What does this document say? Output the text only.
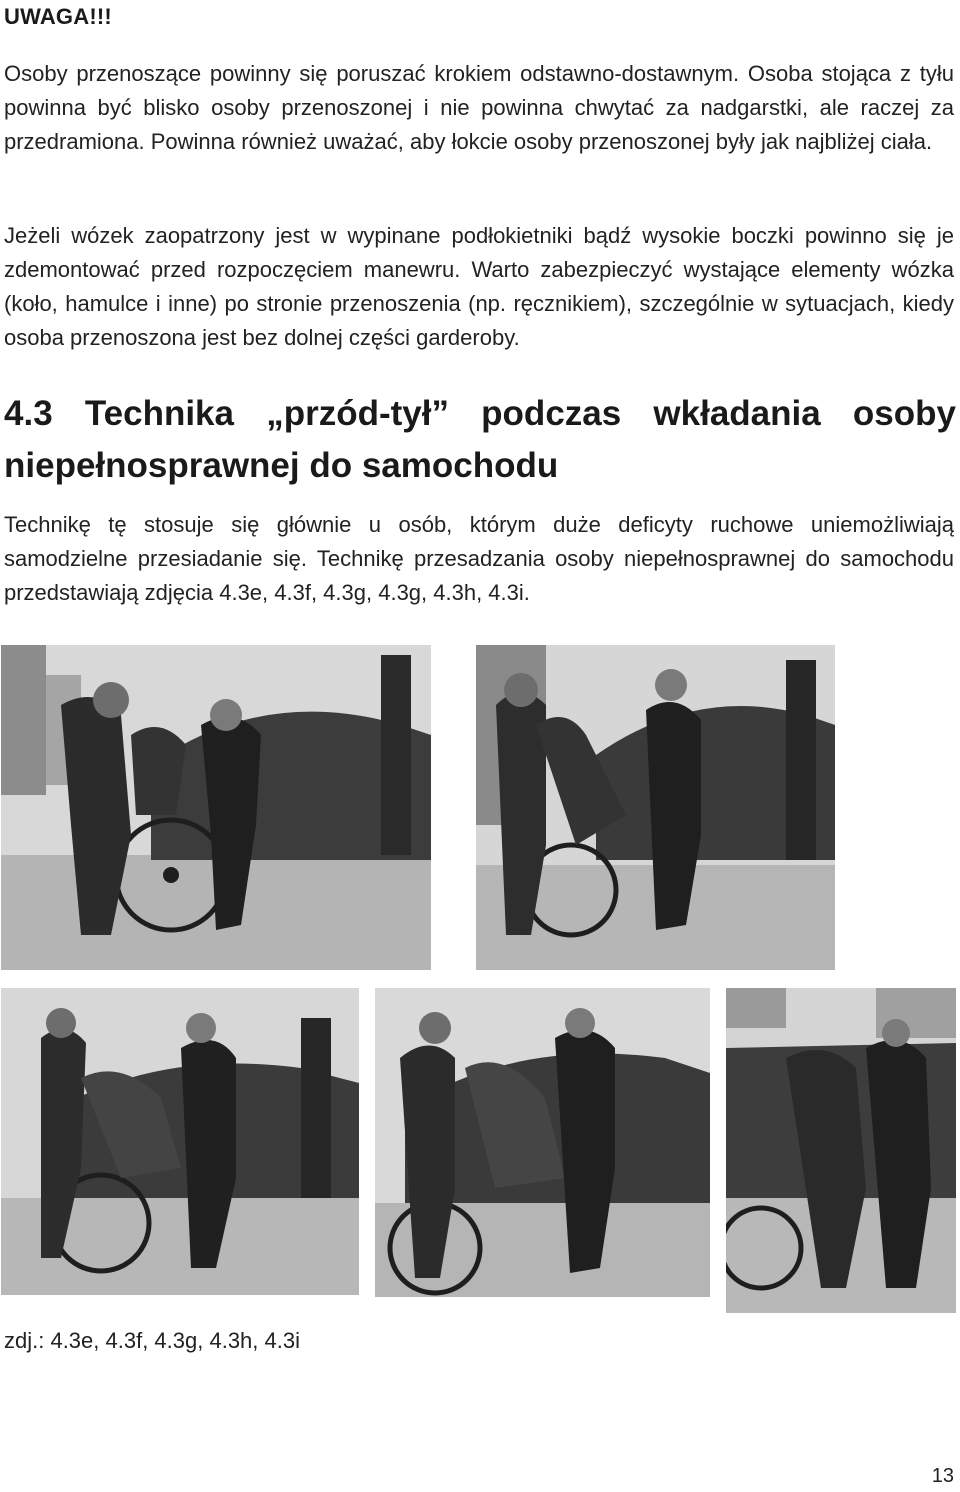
UWAGA!!!

Osoby przenoszące powinny się poruszać krokiem odstawno-dostawnym. Osoba stojąca z tyłu powinna być blisko osoby przenoszonej i nie powinna chwytać za nadgarstki, ale raczej za przedramiona. Powinna również uważać, aby łokcie osoby przenoszonej były jak najbliżej ciała.

Jeżeli wózek zaopatrzony jest w wypinane podłokietniki bądź wysokie boczki powinno się je zdemontować przed rozpoczęciem manewru. Warto zabezpieczyć wystające elementy wózka (koło, hamulce i inne) po stronie przenoszenia (np. ręcznikiem), szczególnie w sytuacjach, kiedy osoba przenoszona jest bez dolnej części garderoby.

4.3 Technika „przód-tył” podczas wkładania osoby niepełnosprawnej do samochodu

Technikę tę stosuje się głównie u osób, którym duże deficyty ruchowe uniemożliwiają samodzielne przesiadanie się. Technikę przesadzania osoby niepełnosprawnej do samochodu przedstawiają zdjęcia 4.3e, 4.3f, 4.3g, 4.3g, 4.3h, 4.3i.

zdj.: 4.3e, 4.3f, 4.3g, 4.3h, 4.3i
13
